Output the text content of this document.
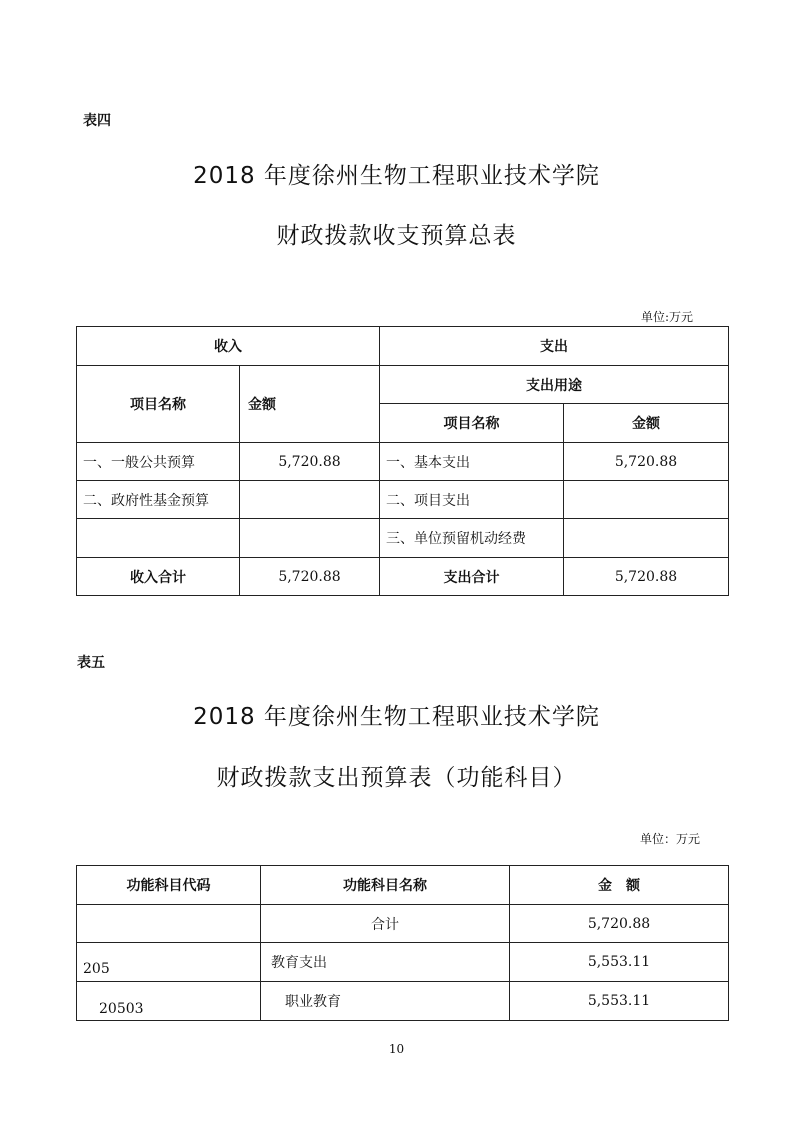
表四
2018 年度徐州生物工程职业技术学院
财政拨款收支预算总表
单位:万元
收入		支出	
项目名称	金额	支出用途	
		项目名称	金额
一、一般公共预算	5,720.88	一、基本支出	5,720.88
二、政府性基金预算		二、项目支出	
		三、单位预留机动经费	
收入合计	5,720.88	支出合计	5,720.88
表五
2018 年度徐州生物工程职业技术学院
财政拨款支出预算表（功能科目）
单位：万元
功能科目代码	功能科目名称	金　额
	合计	5,720.88
205	教育支出	5,553.11
20503	职业教育	5,553.11
10
